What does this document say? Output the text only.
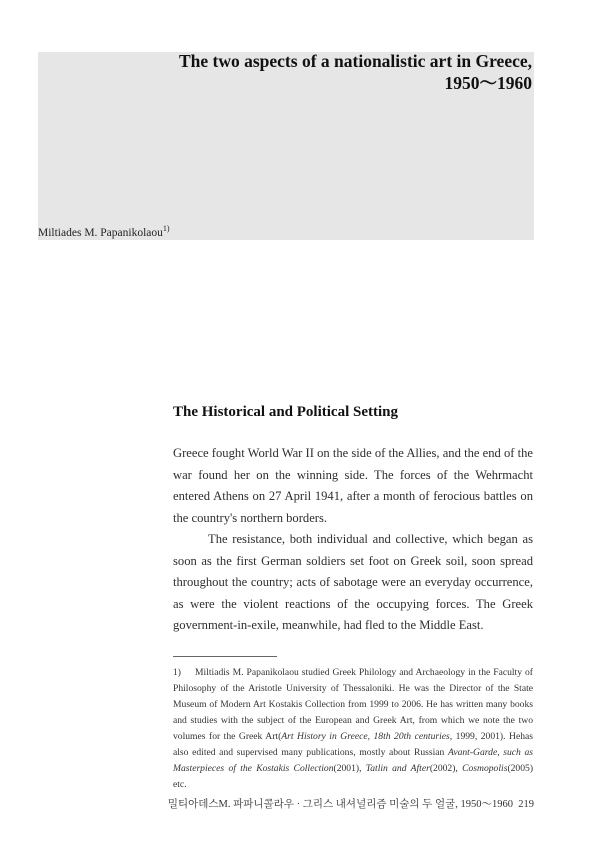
The two aspects of a nationalistic art in Greece,
1950～1960
Miltiades M. Papanikolaou$^{1)}$
The Historical and Political Setting

Greece fought World War II on the side of the Allies, and the end of the war found her on the winning side. The forces of the Wehrmacht entered Athens on 27 April 1941, after a month of ferocious battles on the country's northern borders.

The resistance, both individual and collective, which began as soon as the first German soldiers set foot on Greek soil, soon spread throughout the country; acts of sabotage were an everyday occurrence, as were the violent reactions of the occupying forces. The Greek government-in-exile, meanwhile, had fled to the Middle East.

1) Miltiadis M. Papanikolaou studied Greek Philology and Archaeology in the Faculty of Philosophy of the Aristotle University of Thessaloniki. He was the Director of the State Museum of Modern Art Kostakis Collection from 1999 to 2006. He has written many books and studies with the subject of the European and Greek Art, from which we note the two volumes for the Greek Art(Art History in Greece, 18th 20th centuries, 1999, 2001). Hehas also edited and supervised many publications, mostly about Russian Avant-Garde, such as Masterpieces of the Kostakis Collection(2001), Tatlin and After(2002), Cosmopolis(2005) etc.
밀티아데스M. 파파니콜라우 · 그리스 내셔널리즘 미술의 두 얼굴, 1950～1960 219
